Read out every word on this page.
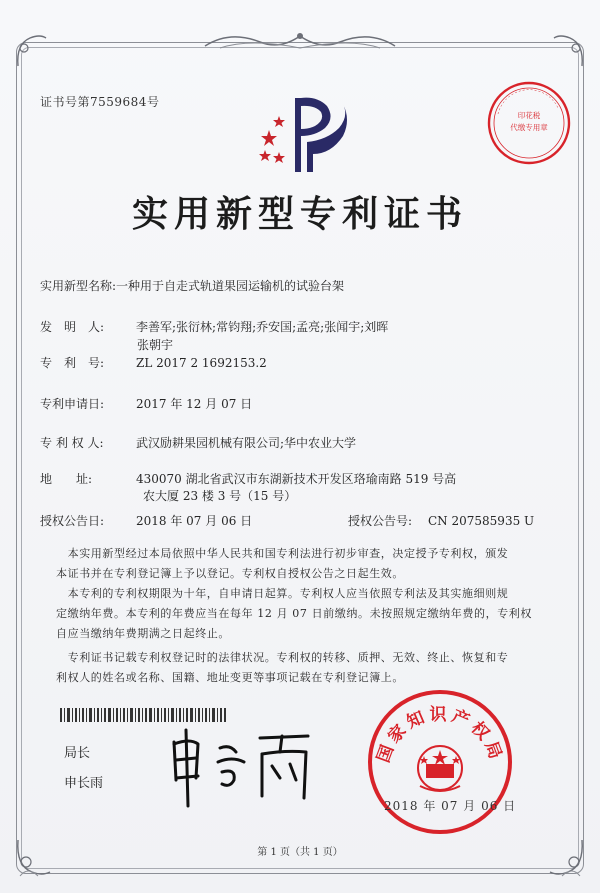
证书号第7559684号
印花税
代缴专用章
实用新型专利证书
实用新型名称:一种用于自走式轨道果园运输机的试验台架
发　明　人:	李善军;张衍林;常钧翔;乔安国;孟亮;张闻宇;刘晖
张朝宇
专　利　号:	ZL 2017 2 1692153.2
专利申请日:	2017 年 12 月 07 日
专 利 权 人:	武汉励耕果园机械有限公司;华中农业大学
地　　址:	430070 湖北省武汉市东湖新技术开发区珞瑜南路 519 号高
农大厦 23 楼 3 号（15 号）
授权公告日:	2018 年 07 月 06 日	授权公告号: CN 207585935 U
　本实用新型经过本局依照中华人民共和国专利法进行初步审查，决定授予专利权，颁发
本证书并在专利登记簿上予以登记。专利权自授权公告之日起生效。
　本专利的专利权期限为十年，自申请日起算。专利权人应当依照专利法及其实施细则规
定缴纳年费。本专利的年费应当在每年 12 月 07 日前缴纳。未按照规定缴纳年费的，专利权
自应当缴纳年费期满之日起终止。
　专利证书记载专利权登记时的法律状况。专利权的转移、质押、无效、终止、恢复和专
利权人的姓名或名称、国籍、地址变更等事项记载在专利登记簿上。
局长
申长雨
国家知识产权局
2018 年 07 月 06 日
第 1 页（共 1 页）
